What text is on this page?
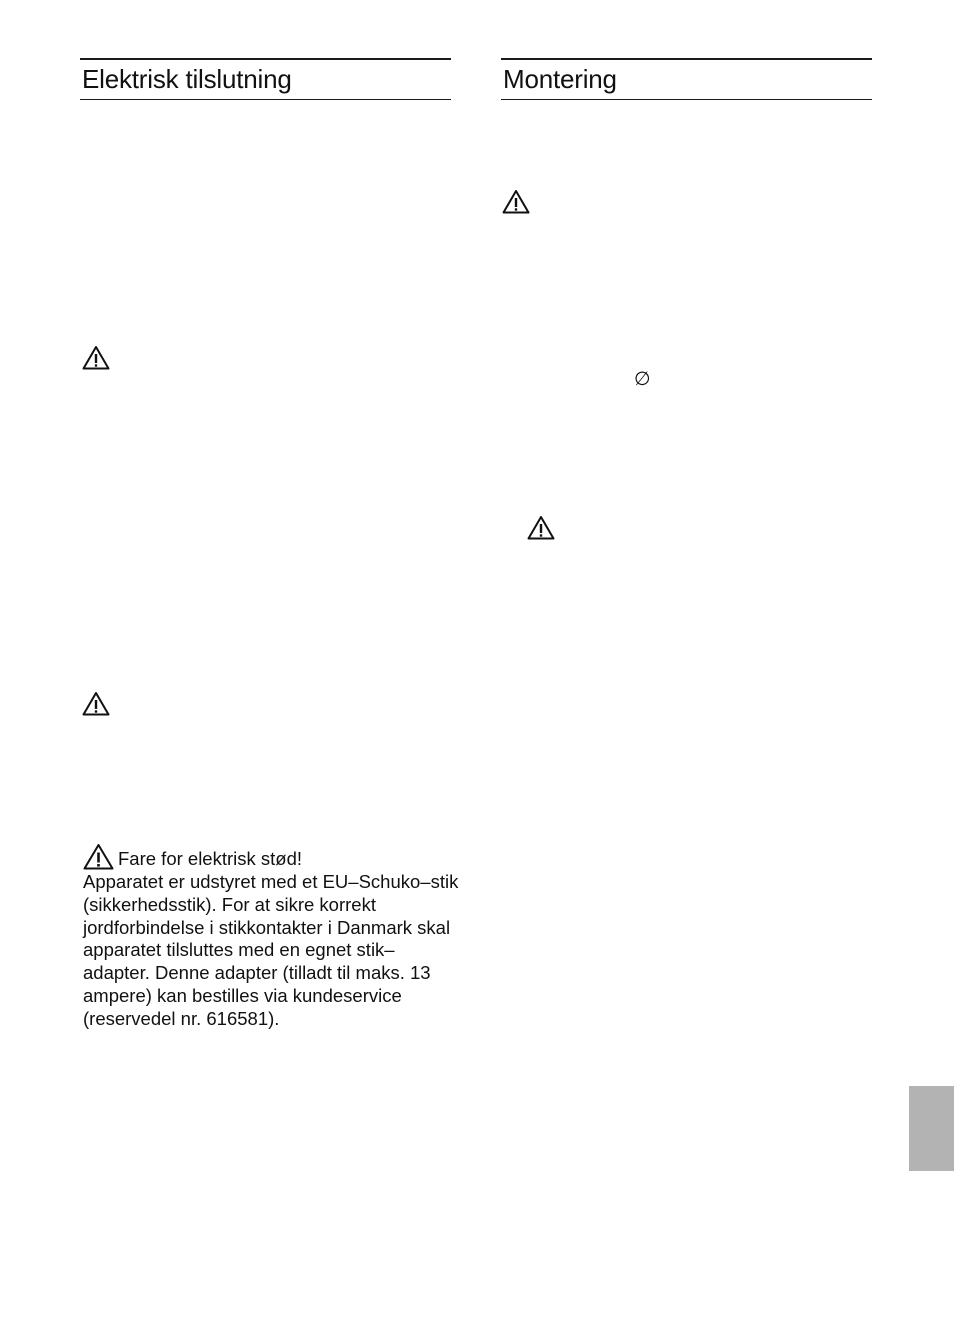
Elektrisk tilslutning	Montering
∅
Fare for elektrisk stød!

Apparatet er udstyret med et EU–Schuko–stik (sikkerhedsstik). For at sikre korrekt jordforbindelse i stikkontakter i Danmark skal apparatet tilsluttes med en egnet stik–adapter. Denne adapter (tilladt til maks. 13 ampere) kan bestilles via kundeservice (reservedel nr. 616581).
